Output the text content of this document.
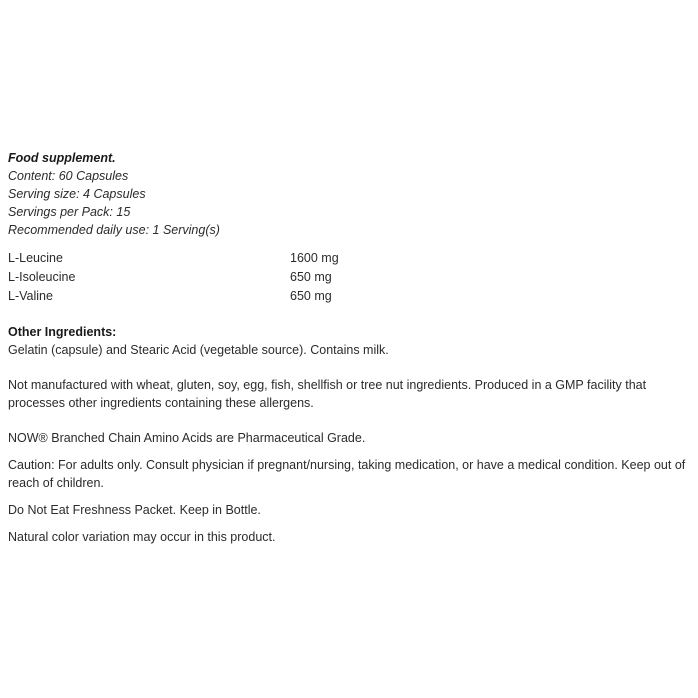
Food supplement.
Content: 60 Capsules
Serving size: 4 Capsules
Servings per Pack: 15
Recommended daily use: 1 Serving(s)
L-Leucine	1600 mg
L-Isoleucine	650 mg
L-Valine	650 mg
Other Ingredients:
Gelatin (capsule) and Stearic Acid (vegetable source). Contains milk.
Not manufactured with wheat, gluten, soy, egg, fish, shellfish or tree nut ingredients. Produced in a GMP facility that processes other ingredients containing these allergens.
NOW® Branched Chain Amino Acids are Pharmaceutical Grade.
Caution: For adults only. Consult physician if pregnant/nursing, taking medication, or have a medical condition. Keep out of reach of children.
Do Not Eat Freshness Packet. Keep in Bottle.
Natural color variation may occur in this product.
